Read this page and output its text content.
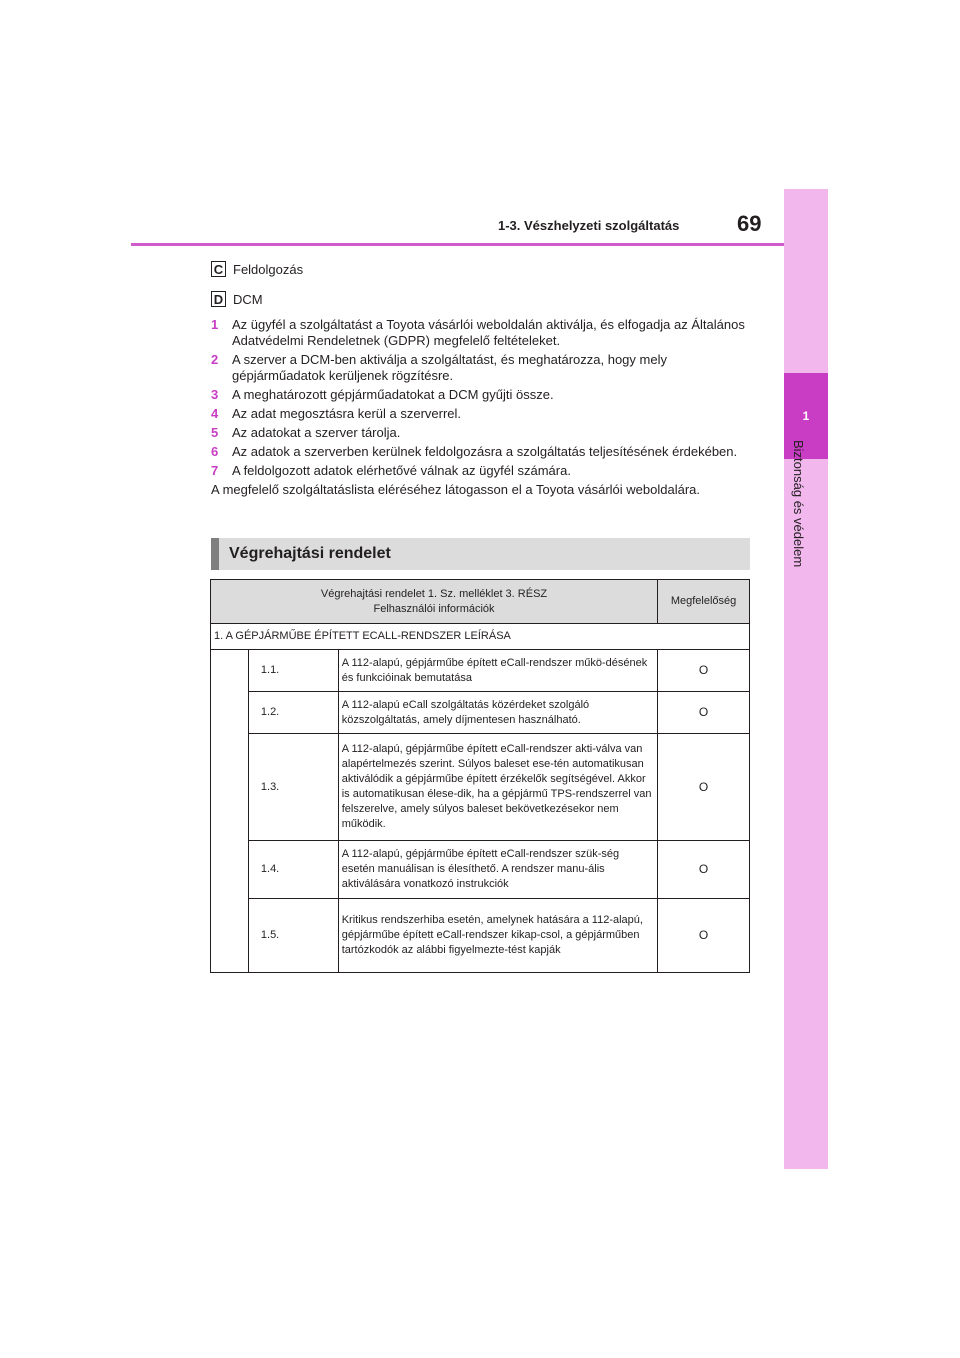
1
Biztonság és védelem
1-3. Vészhelyzeti szolgáltatás	69
C Feldolgozás
D DCM
1	Az ügyfél a szolgáltatást a Toyota vásárlói weboldalán aktiválja, és elfogadja az Általános Adatvédelmi Rendeletnek (GDPR) megfelelő feltételeket.
2	A szerver a DCM-ben aktiválja a szolgáltatást, és meghatározza, hogy mely gépjárműadatok kerüljenek rögzítésre.
3	A meghatározott gépjárműadatokat a DCM gyűjti össze.
4	Az adat megosztásra kerül a szerverrel.
5	Az adatokat a szerver tárolja.
6	Az adatok a szerverben kerülnek feldolgozásra a szolgáltatás teljesítésének érdekében.
7	A feldolgozott adatok elérhetővé válnak az ügyfél számára.
A megfelelő szolgáltatáslista eléréséhez látogasson el a Toyota vásárlói weboldalára.
Végrehajtási rendelet
Végrehajtási rendelet 1. Sz. melléklet 3. RÉSZ
Felhasználói információk			Megfelelőség
1. A GÉPJÁRMŰBE ÉPÍTETT ECALL-RENDSZER LEÍRÁSA			
	1.1.	A 112-alapú, gépjárműbe épített eCall-rendszer műkö-désének és funkcióinak bemutatása	O
	1.2.	A 112-alapú eCall szolgáltatás közérdeket szolgáló közszolgáltatás, amely díjmentesen használható.	O
	1.3.	A 112-alapú, gépjárműbe épített eCall-rendszer akti-válva van alapértelmezés szerint. Súlyos baleset ese-tén automatikusan aktiválódik a gépjárműbe épített érzékelők segítségével. Akkor is automatikusan élese-dik, ha a gépjármű TPS-rendszerrel van felszerelve, amely súlyos baleset bekövetkezésekor nem működik.	O
	1.4.	A 112-alapú, gépjárműbe épített eCall-rendszer szük-ség esetén manuálisan is élesíthető. A rendszer manu-ális aktiválására vonatkozó instrukciók	O
	1.5.	Kritikus rendszerhiba esetén, amelynek hatására a 112-alapú, gépjárműbe épített eCall-rendszer kikap-csol, a gépjárműben tartózkodók az alábbi figyelmezte-tést kapják	O
